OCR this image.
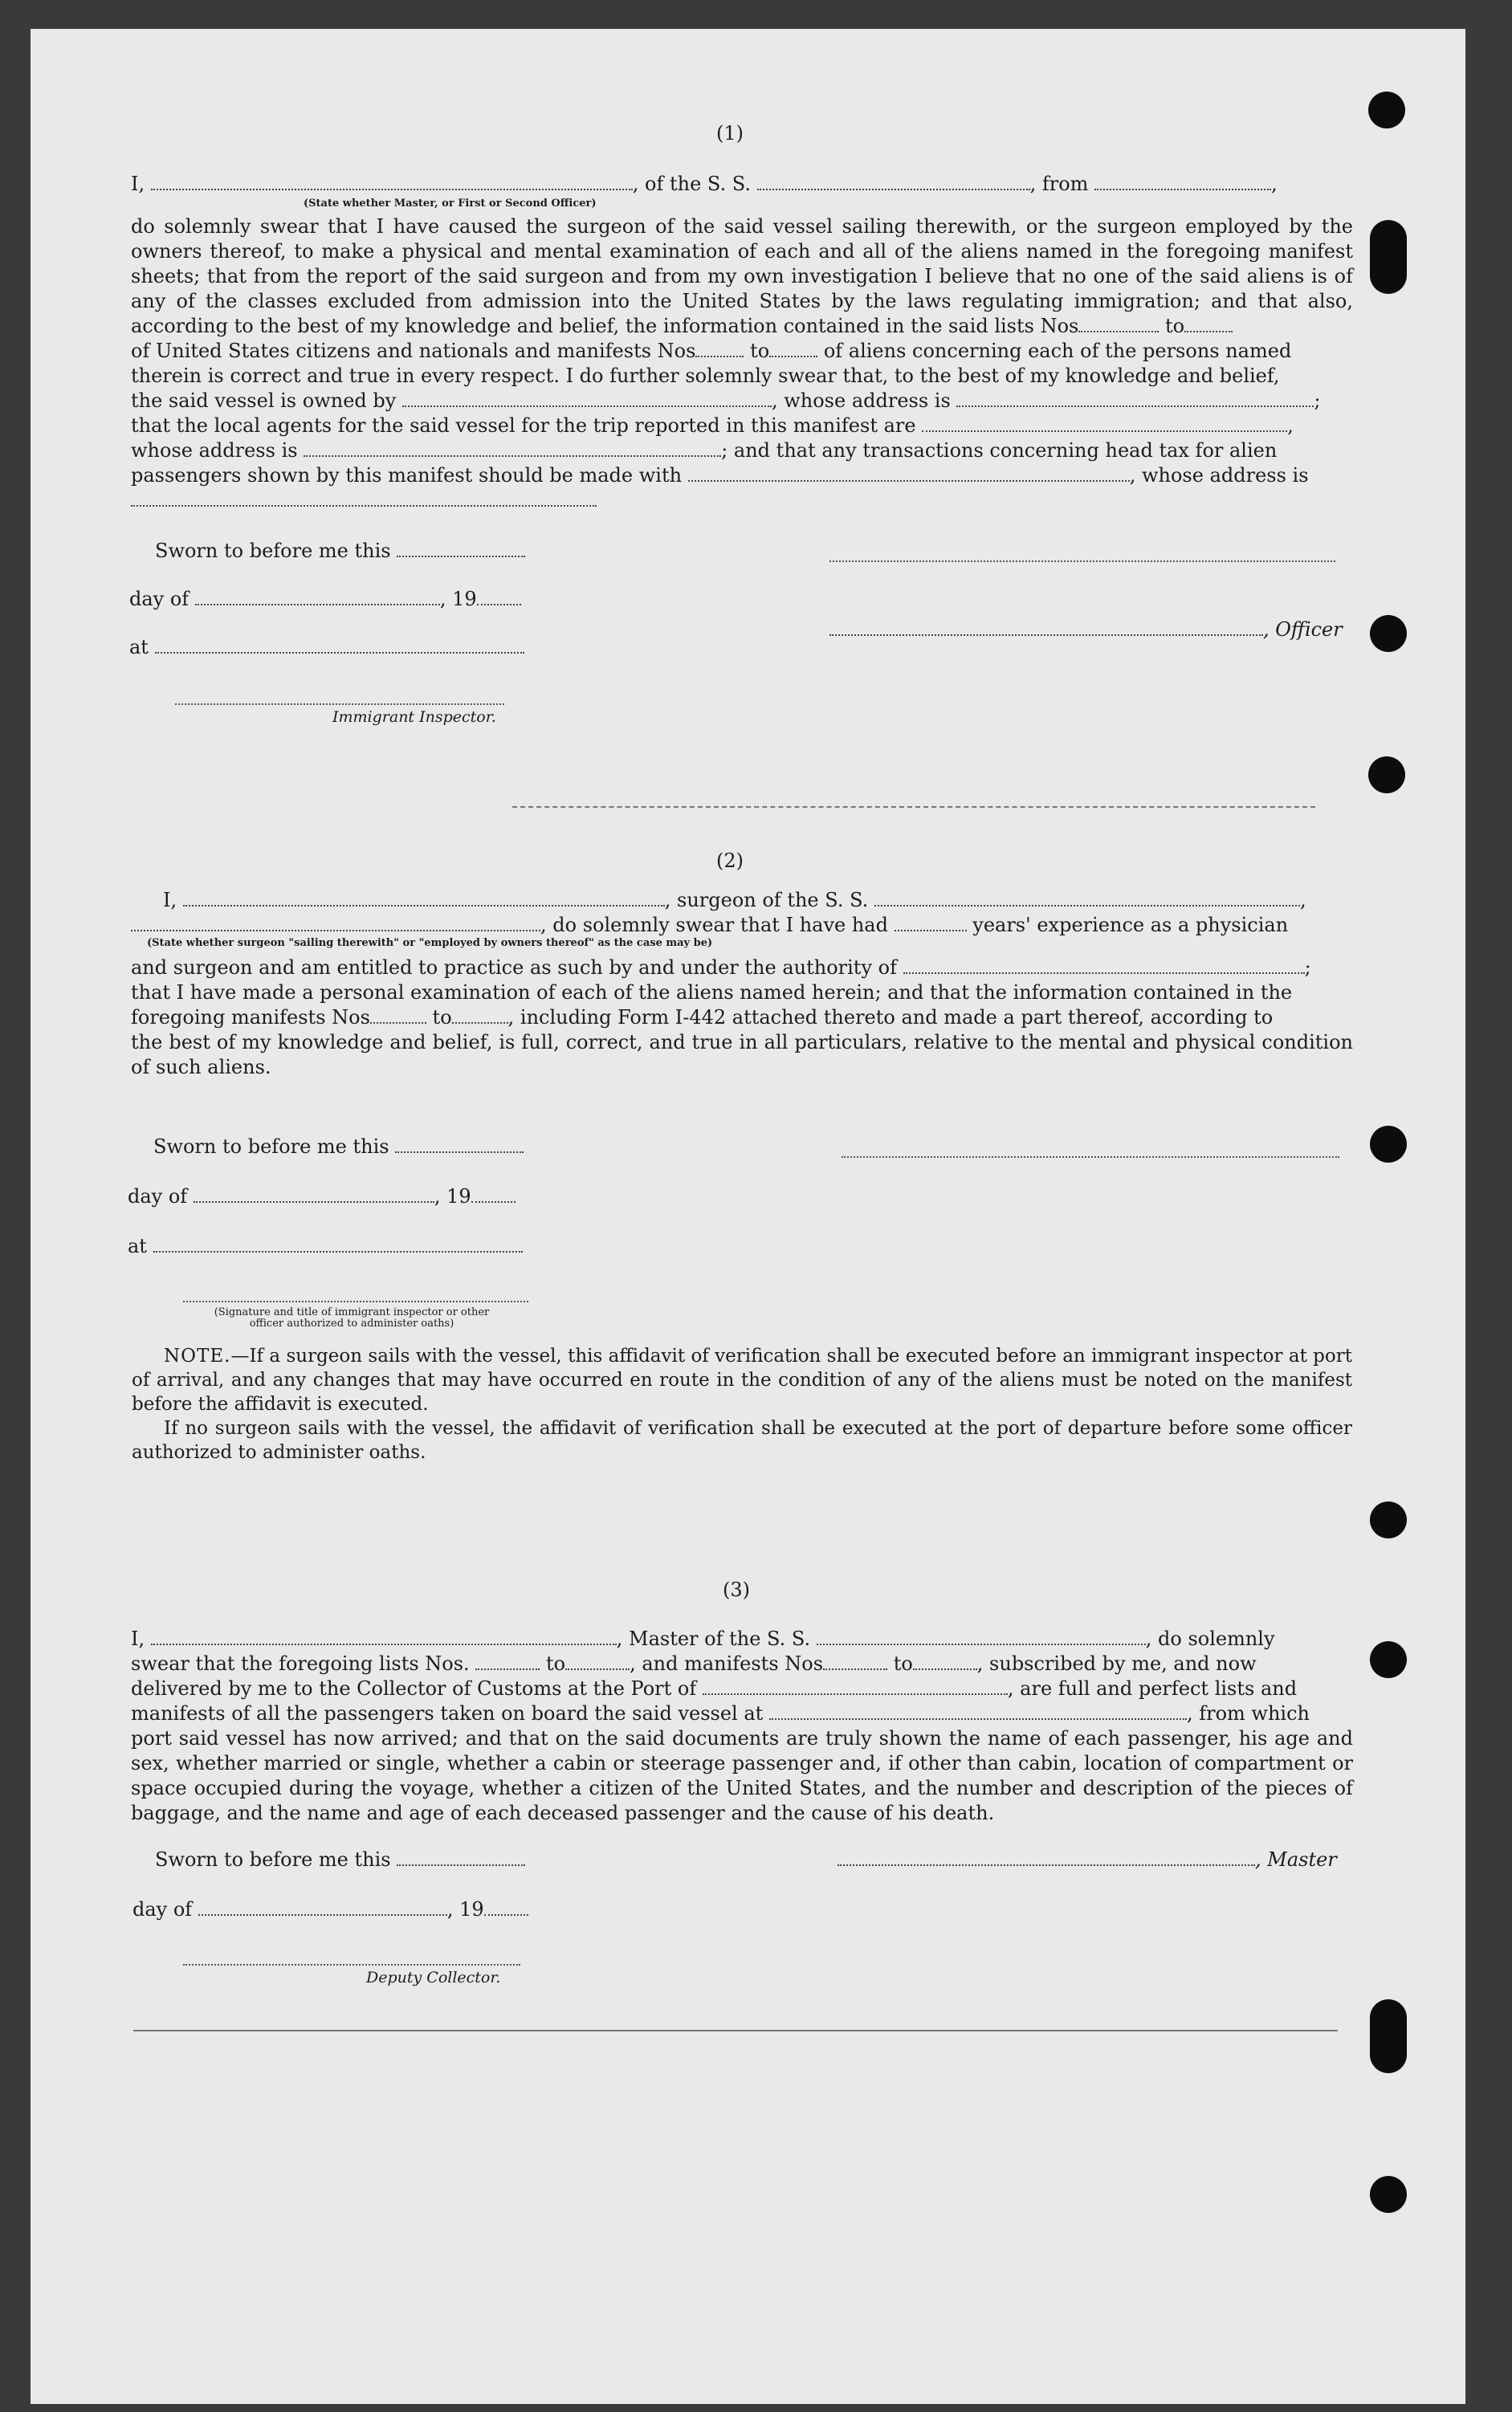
(1)
I,	, of the S. S.	, from	,
(State whether Master, or First or Second Officer)

do solemnly swear that I have caused the surgeon of the said vessel sailing therewith, or the surgeon employed by the owners thereof, to make a physical and mental examination of each and all of the aliens named in the foregoing manifest sheets; that from the report of the said surgeon and from my own investigation I believe that no one of the said aliens is of any of the classes excluded from admission into the United States by the laws regulating immigration; and that also, according to the best of my knowledge and belief, the information contained in the said lists Nos	to

of United States citizens and nationals and manifests Nos	to	of aliens concerning each of the persons named
therein is correct and true in every respect. I do further solemnly swear that, to the best of my knowledge and belief,
the said vessel is owned by	, whose address is	;
that the local agents for the said vessel for the trip reported in this manifest are	,
whose address is	; and that any transactions concerning head tax for alien
passengers shown by this manifest should be made with	, whose address is
Sworn to before me this
day of	, 19
, Officer
at
Immigrant Inspector.
(2)
I,	, surgeon of the S. S.	,
, do solemnly swear that I have had	years' experience as a physician
(State whether surgeon "sailing therewith" or "employed by owners thereof" as the case may be)
and surgeon and am entitled to practice as such by and under the authority of	;
that I have made a personal examination of each of the aliens named herein; and that the information contained in the
foregoing manifests Nos	to	, including Form I-442 attached thereto and made a part thereof, according to

the best of my knowledge and belief, is full, correct, and true in all particulars, relative to the mental and physical condition of such aliens.

Sworn to before me this
day of	, 19
at
(Signature and title of immigrant inspector or other officer authorized to administer oaths)

NOTE.—If a surgeon sails with the vessel, this affidavit of verification shall be executed before an immigrant inspector at port of arrival, and any changes that may have occurred en route in the condition of any of the aliens must be noted on the manifest before the affidavit is executed.

If no surgeon sails with the vessel, the affidavit of verification shall be executed at the port of departure before some officer authorized to administer oaths.

(3)
I,	, Master of the S. S.	, do solemnly
swear that the foregoing lists Nos.	to	, and manifests Nos	to	, subscribed by me, and now
delivered by me to the Collector of Customs at the Port of	, are full and perfect lists and
manifests of all the passengers taken on board the said vessel at	, from which

port said vessel has now arrived; and that on the said documents are truly shown the name of each passenger, his age and sex, whether married or single, whether a cabin or steerage passenger and, if other than cabin, location of compartment or space occupied during the voyage, whether a citizen of the United States, and the number and description of the pieces of baggage, and the name and age of each deceased passenger and the cause of his death.

Sworn to before me this	, Master
day of	, 19
Deputy Collector.
